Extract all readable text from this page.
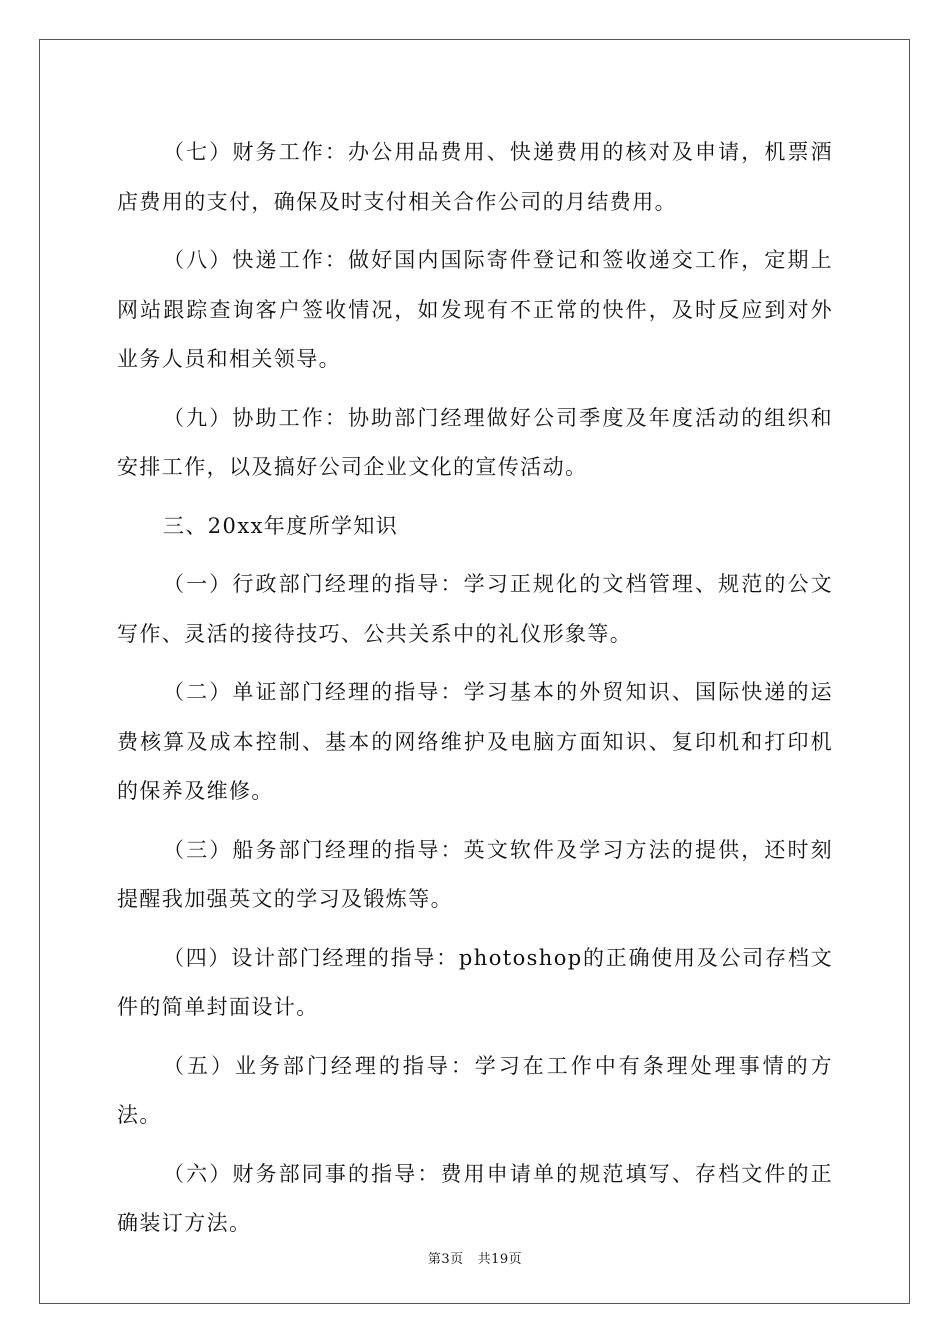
（七）财务工作：办公用品费用、快递费用的核对及申请，机票酒店费用的支付，确保及时支付相关合作公司的月结费用。

（八）快递工作：做好国内国际寄件登记和签收递交工作，定期上网站跟踪查询客户签收情况，如发现有不正常的快件，及时反应到对外业务人员和相关领导。

（九）协助工作：协助部门经理做好公司季度及年度活动的组织和安排工作，以及搞好公司企业文化的宣传活动。

三、20xx年度所学知识

（一）行政部门经理的指导：学习正规化的文档管理、规范的公文写作、灵活的接待技巧、公共关系中的礼仪形象等。

（二）单证部门经理的指导：学习基本的外贸知识、国际快递的运费核算及成本控制、基本的网络维护及电脑方面知识、复印机和打印机的保养及维修。

（三）船务部门经理的指导：英文软件及学习方法的提供，还时刻提醒我加强英文的学习及锻炼等。

（四）设计部门经理的指导：photoshop的正确使用及公司存档文件的简单封面设计。

（五）业务部门经理的指导：学习在工作中有条理处理事情的方法。

（六）财务部同事的指导：费用申请单的规范填写、存档文件的正确装订方法。

第3页 共19页
